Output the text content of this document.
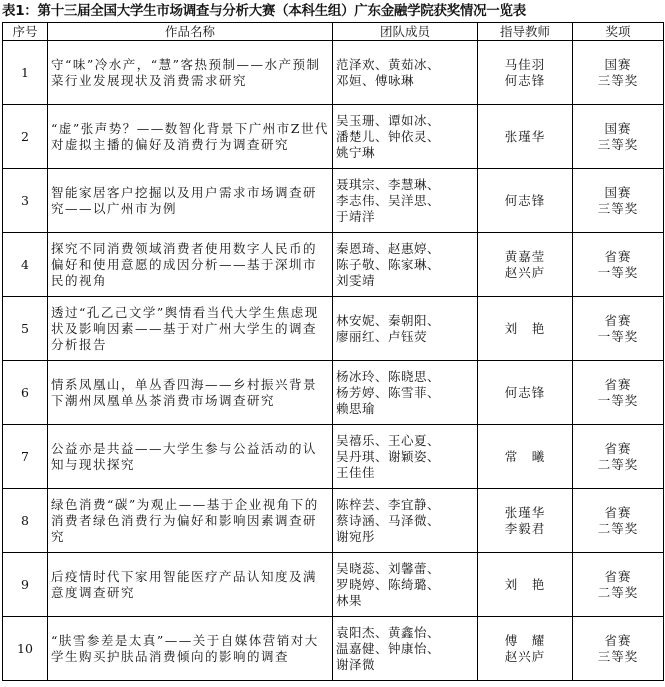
表1：第十三届全国大学生市场调查与分析大赛（本科生组）广东金融学院获奖情况一览表
序号	作品名称	团队成员	指导教师	奖项
1	守“味”冷水产，“慧”客热预制——水产预制菜行业发展现状及消费需求研究	范泽欢、黄茹冰、
邓姮、傅咏琳	马佳羽
何志锋	国赛
三等奖
2	“虚”张声势？——数智化背景下广州市Z世代对虚拟主播的偏好及消费行为调查研究	吴玉珊、谭如冰、
潘楚儿、钟依灵、
姚宁琳	张瑾华	国赛
三等奖
3	智能家居客户挖掘以及用户需求市场调查研究——以广州市为例	聂琪宗、李慧琳、
李志伟、吴洋思、
于靖洋	何志锋	国赛
三等奖
4	探究不同消费领域消费者使用数字人民币的偏好和使用意愿的成因分析——基于深圳市民的视角	秦恩琦、赵惠婷、
陈子敬、陈家琳、
刘雯靖	黄嘉莹
赵兴庐	省赛
一等奖
5	透过“孔乙己文学”舆情看当代大学生焦虑现状及影响因素——基于对广州大学生的调查分析报告	林安妮、秦朝阳、
廖丽红、卢钰荧	刘　艳	省赛
一等奖
6	情系凤凰山，单丛香四海——乡村振兴背景下潮州凤凰单丛茶消费市场调查研究	杨冰玲、陈晓思、
杨芳婷、陈雪菲、
赖思瑜	何志锋	省赛
一等奖
7	公益亦是共益——大学生参与公益活动的认知与现状探究	吴禧乐、王心夏、
吴丹琪、谢颖姿、
王佳佳	常　曦	省赛
二等奖
8	绿色消费“碳”为观止——基于企业视角下的消费者绿色消费行为偏好和影响因素调查研究	陈梓芸、李宜静、
蔡诗涵、马泽微、
谢宛彤	张瑾华
李毅君	省赛
二等奖
9	后疫情时代下家用智能医疗产品认知度及满意度调查研究	吴晓蕊、刘馨蕾、
罗晓婷、陈绮璐、
林果	刘　艳	省赛
二等奖
10	“肤雪参差是太真”——关于自媒体营销对大学生购买护肤品消费倾向的影响的调查	袁阳杰、黄鑫怡、
温嘉健、钟康怡、
谢泽微	傅　耀
赵兴庐	省赛
三等奖
